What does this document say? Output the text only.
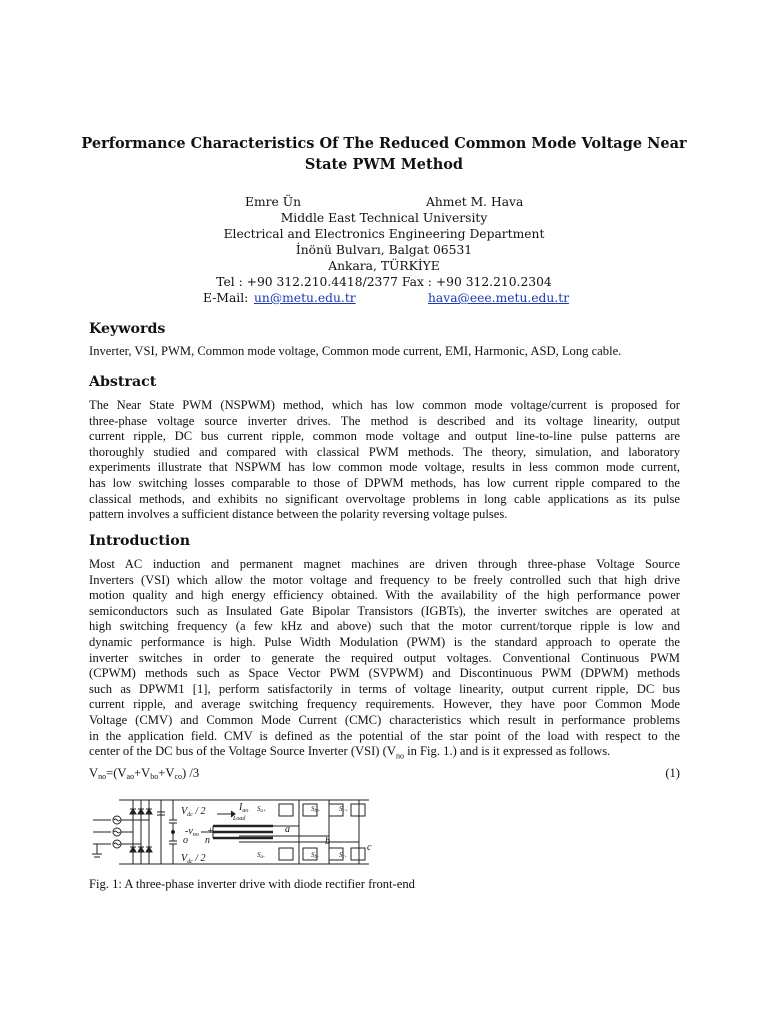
Performance Characteristics Of The Reduced Common Mode Voltage Near
State PWM Method
Emre Ün	Ahmet M. Hava
Middle East Technical University
Electrical and Electronics Engineering Department
İnönü Bulvarı, Balgat 06531
Ankara, TÜRKİYE
Tel : +90 312.210.4418/2377 Fax : +90 312.210.2304
E-Mail: un@metu.edu.tr	hava@eee.metu.edu.tr
Keywords
Inverter, VSI, PWM, Common mode voltage, Common mode current, EMI, Harmonic, ASD, Long cable.
Abstract
The Near State PWM (NSPWM) method, which has low common mode voltage/current is proposed for
three-phase voltage source inverter drives. The method is described and its voltage linearity, output
current ripple, DC bus current ripple, common mode voltage and output line-to-line pulse patterns are
thoroughly studied and compared with classical PWM methods. The theory, simulation, and laboratory
experiments illustrate that NSPWM has low common mode voltage, results in less common mode current,
has low switching losses comparable to those of DPWM methods, has low current ripple compared to the
classical methods, and exhibits no significant overvoltage problems in long cable applications as its pulse
pattern involves a sufficient distance between the polarity reversing voltage pulses.
Introduction
Most AC induction and permanent magnet machines are driven through three-phase Voltage Source
Inverters (VSI) which allow the motor voltage and frequency to be freely controlled such that high drive
motion quality and high energy efficiency obtained. With the availability of the high performance power
semiconductors such as Insulated Gate Bipolar Transistors (IGBTs), the inverter switches are operated at
high switching frequency (a few kHz and above) such that the motor current/torque ripple is low and
dynamic performance is high. Pulse Width Modulation (PWM) is the standard approach to operate the
inverter switches in order to generate the required output voltages. Conventional Continuous PWM
(CPWM) methods such as Space Vector PWM (SVPWM) and Discontinuous PWM (DPWM) methods
such as DPWM1 [1], perform satisfactorily in terms of voltage linearity, output current ripple, DC bus
current ripple, and average switching frequency requirements. However, they have poor Common Mode
Voltage (CMV) and Common Mode Current (CMC) characteristics which result in performance problems
in the application field. CMV is defined as the potential of the star point of the load with respect to the
center of the DC bus of the Voltage Source Inverter (VSI) ($V_{no}$ in Fig. 1.) and is it expressed as follows.
$V_{no}=(V_{ao}+V_{bo}+V_{co})$ /3	(1)
$V_{dc} / 2$
$V_{dc} / 2$
$-v_{no}$ +
o n
Load
$I_{ao}$
a
b
c
Sa+	Sb+	Sc+
Sa-	Sb-	Sc-
Fig. 1: A three-phase inverter drive with diode rectifier front-end
